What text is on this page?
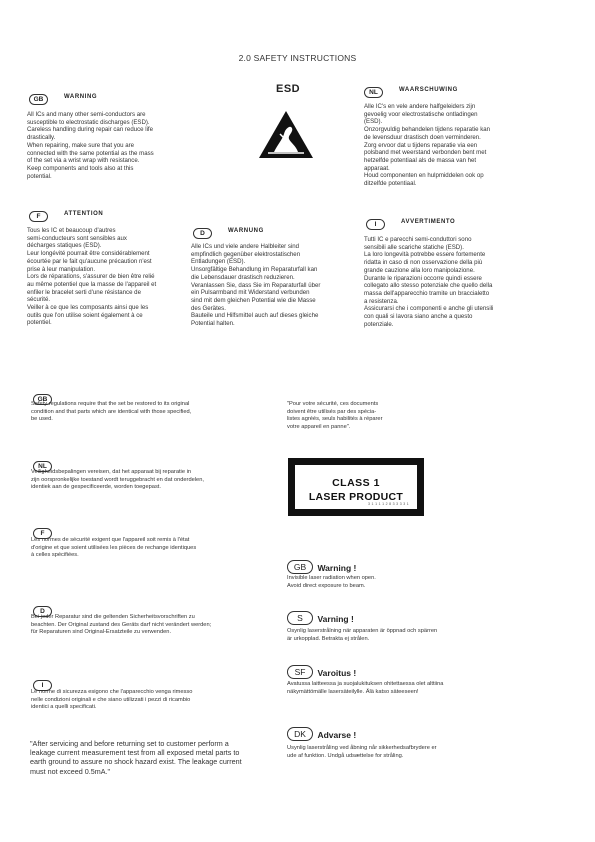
2.0 SAFETY INSTRUCTIONS
ESD
GB	WARNING
All ICs and many other semi-conductors are
susceptible to electrostatic discharges (ESD).
Careless handling during repair can reduce life
drastically.
When repairing, make sure that you are
connected with the same potential as the mass
of the set via a wrist wrap with resistance.
Keep components and tools also at this
potential.
F	ATTENTION
Tous les IC et beaucoup d'autres
semi-conducteurs sont sensibles aux
décharges statiques (ESD).
Leur longévité pourrait être considérablement
écourtée par le fait qu'aucune précaution n'est
prise à leur manipulation.
Lors de réparations, s'assurer de bien être relié
au même potentiel que la masse de l'appareil et
enfiler le bracelet serti d'une résistance de
sécurité.
Veiller à ce que les composants ainsi que les
outils que l'on utilise soient également à ce
potentiel.
D	WARNUNG
Alle ICs und viele andere Halbleiter sind
empfindlich gegenüber elektrostatischen
Entladungen (ESD).
Unsorgfältige Behandlung im Reparaturfall kan
die Lebensdauer drastisch reduzieren.
Veranlassen Sie, dass Sie im Reparaturfall über
ein Pulsarmband mit Widerstand verbunden
sind mit dem gleichen Potential wie die Masse
des Gerätes.
Bauteile und Hilfsmittel auch auf dieses gleiche
Potential halten.
NL	WAARSCHUWING
Alle IC's en vele andere halfgeleiders zijn
gevoelig voor electrostatische ontladingen
(ESD).
Onzorgvuldig behandelen tijdens reparatie kan
de levensduur drastisch doen verminderen.
Zorg ervoor dat u tijdens reparatie via een
polsband met weerstand verbonden bent met
hetzelfde potentiaal als de massa van het
apparaat.
Houd componenten en hulpmiddelen ook op
ditzelfde potentiaal.
I	AVVERTIMENTO
Tutti IC e parecchi semi-conduttori sono
sensibili alle scariche statiche (ESD).
La loro longevità potrebbe essere fortemente
ridatta in caso di non osservazione della più
grande cauzione alla loro manipolazione.
Durante le riparazioni occorre quindi essere
collegato allo stesso potenziale che quello della
massa dell'apparecchio tramite un braccialetto
a resistenza.
Assicurarsi che i componenti e anche gli utensili
con quali si lavora siano anche a questo
potenziale.
GB
Safety regulations require that the set be restored to its original
condition and that parts which are identical with those specified,
be used.
NL
Veiligheidsbepalingen vereisen, dat het apparaat bij reparatie in
zijn oorspronkelijke toestand wordt teruggebracht en dat onderdelen,
identiek aan de gespecificeerde, worden toegepast.
F
Les normes de sécurité exigent que l'appareil soit remis à l'état
d'origine et que soient utilisées les pièces de rechange identiques
à celles spécifiées.
D
Bei jeder Reparatur sind die geltenden Sicherheitsvorschriften zu
beachten. Der Original zustand des Geräts darf nicht verändert werden;
für Reparaturen sind Original-Ersatzteile zu verwenden.
I
Le norme di sicurezza esigono che l'apparecchio venga rimesso
nelle condizioni originali e che siano utilizzati i pezzi di ricambio
identici a quelli specificati.
"After servicing and before returning set to customer perform a
leakage current measurement test from all exposed metal parts to
earth ground to assure no shock hazard exist. The leakage current
must not exceed 0.5mA."
"Pour votre sécurité, ces documents
doivent être utilisés par des spécia-
listes agréés, seuls habilités à réparer
votre appareil en panne".
CLASS 1
LASER PRODUCT
3 1 1 1 1 2 8 3 3 3 3 1
GB Warning !
Invisible laser radiation when open.
Avoid direct exposure to beam.
S Varning !
Osynlig laserstrålning när apparaten är öppnad och spärren
är urkopplad. Betrakta ej strålen.
SF Varoitus !
Avatussa laitteessa ja suojalukituksen ohitettaessa olet alttiina
näkymättömälle lasersäteilylle. Älä katso säteeseen!
DK Advarse !
Usynlig laserstråling ved åbning når sikkerhedsafbrydere er
ude af funktion. Undgå udsættelse for stråling.
